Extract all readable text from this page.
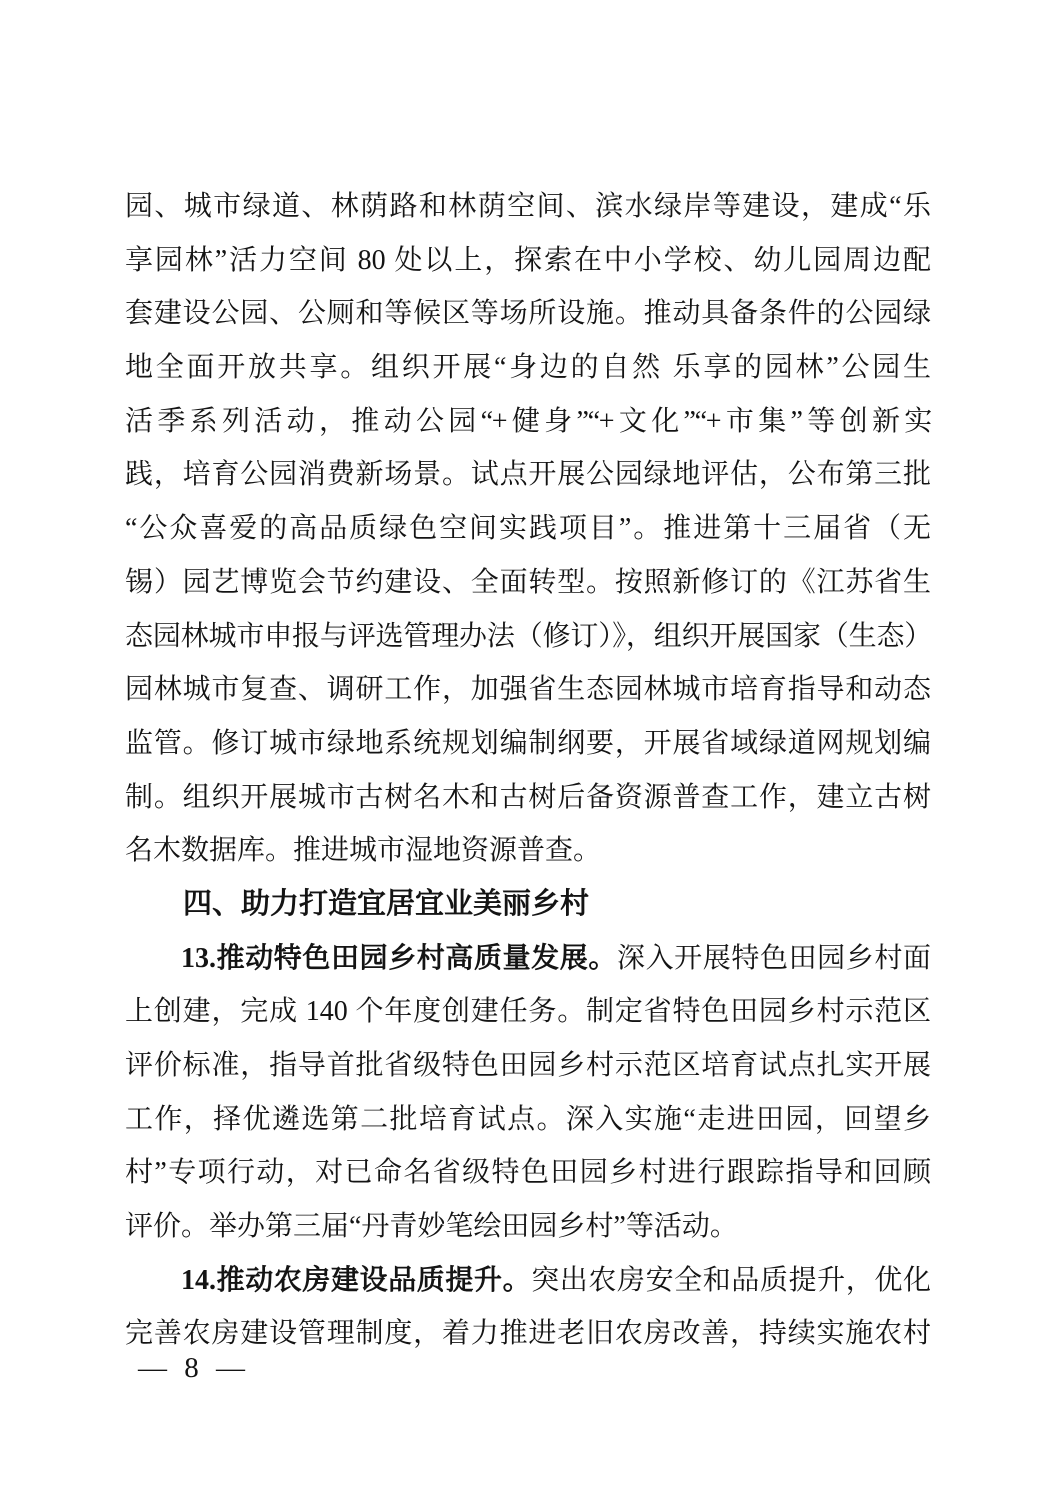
园、城市绿道、林荫路和林荫空间、滨水绿岸等建设，建成“乐
享园林”活力空间 80 处以上，探索在中小学校、幼儿园周边配
套建设公园、公厕和等候区等场所设施。推动具备条件的公园绿
地全面开放共享。组织开展“身边的自然 乐享的园林”公园生
活季系列活动，推动公园“+健身”“+文化”“+市集”等创新实
践，培育公园消费新场景。试点开展公园绿地评估，公布第三批
“公众喜爱的高品质绿色空间实践项目”。推进第十三届省（无
锡）园艺博览会节约建设、全面转型。按照新修订的《江苏省生
态园林城市申报与评选管理办法（修订）》，组织开展国家（生态）
园林城市复查、调研工作，加强省生态园林城市培育指导和动态
监管。修订城市绿地系统规划编制纲要，开展省域绿道网规划编
制。组织开展城市古树名木和古树后备资源普查工作，建立古树
名木数据库。推进城市湿地资源普查。
四、助力打造宜居宜业美丽乡村
13.推动特色田园乡村高质量发展。深入开展特色田园乡村面
上创建，完成 140 个年度创建任务。制定省特色田园乡村示范区
评价标准，指导首批省级特色田园乡村示范区培育试点扎实开展
工作，择优遴选第二批培育试点。深入实施“走进田园，回望乡
村”专项行动，对已命名省级特色田园乡村进行跟踪指导和回顾
评价。举办第三届“丹青妙笔绘田园乡村”等活动。
14.推动农房建设品质提升。突出农房安全和品质提升，优化
完善农房建设管理制度，着力推进老旧农房改善，持续实施农村
— 8 —
